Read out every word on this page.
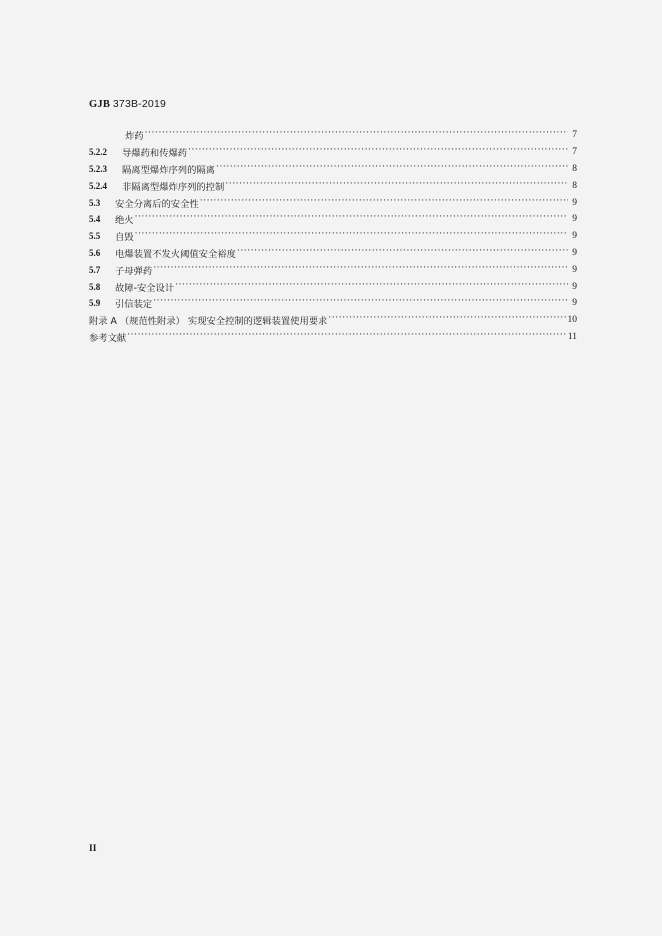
GJB 373B-2019
炸药 ·····	7
5.2.2	导爆药和传爆药 ·····	7
5.2.3	隔离型爆炸序列的隔离 ·····	8
5.2.4	非隔离型爆炸序列的控制 ·····	8
5.3	安全分离后的安全性 ·····	9
5.4	绝火 ·····	9
5.5	自毁 ·····	9
5.6	电爆装置不发火阈值安全裕度 ·····	9
5.7	子母弹药 ·····	9
5.8	故障-安全设计 ·····	9
5.9	引信装定 ·····	9
附录 A （规范性附录） 实现安全控制的逻辑装置使用要求 ·····	10
参考文献 ·····	11
II
